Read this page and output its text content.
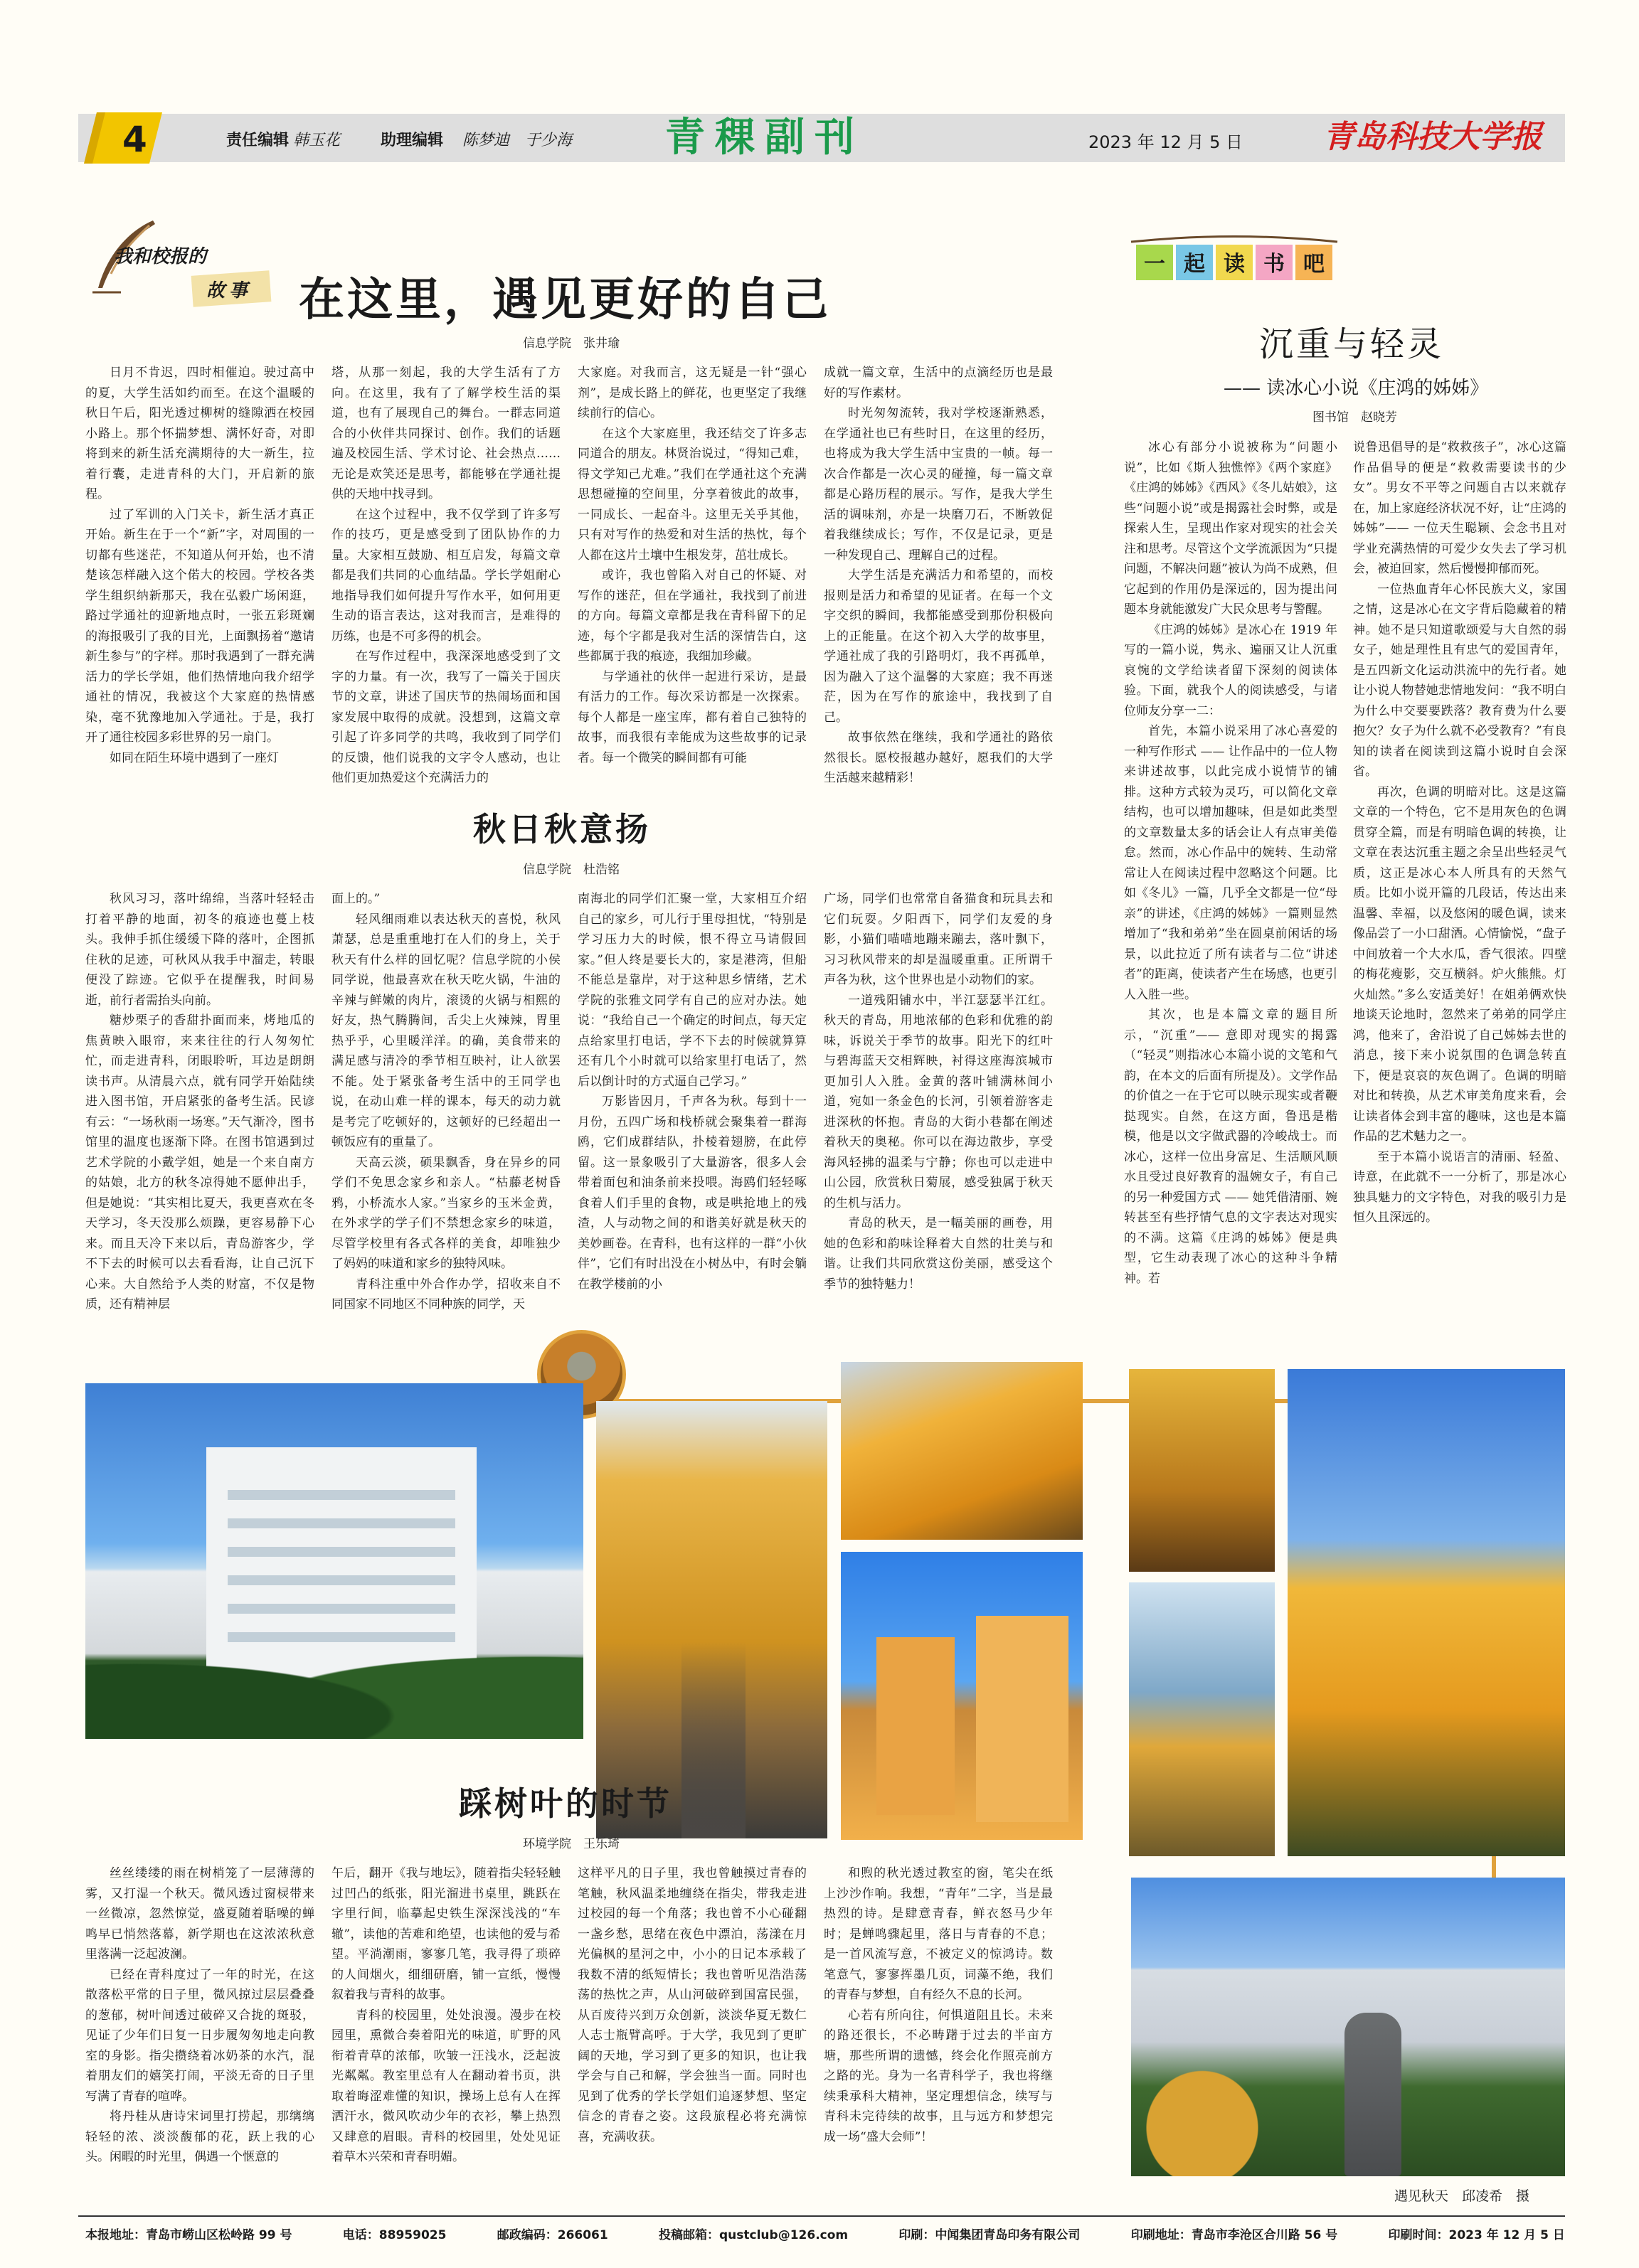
4	责任编辑 韩玉花	助理编辑 陈梦迪　于少海 青稞副刊	2023 年 12 月 5 日	青岛科技大学报
我和校报的
故事 在这里，遇见更好的自己
信息学院　张井瑜

日月不肯迟，四时相催迫。驶过高中的夏，大学生活如约而至。在这个温暖的秋日午后，阳光透过柳树的缝隙洒在校园小路上。那个怀揣梦想、满怀好奇，对即将到来的新生活充满期待的大一新生，拉着行囊，走进青科的大门，开启新的旅程。

过了军训的入门关卡，新生活才真正开始。新生在于一个“新”字，对周围的一切都有些迷茫，不知道从何开始，也不清楚该怎样融入这个偌大的校园。学校各类学生组织纳新那天，我在弘毅广场闲逛，路过学通社的迎新地点时，一张五彩斑斓的海报吸引了我的目光，上面飘扬着“邀请新生参与”的字样。那时我遇到了一群充满活力的学长学姐，他们热情地向我介绍学通社的情况，我被这个大家庭的热情感染，毫不犹豫地加入学通社。于是，我打开了通往校园多彩世界的另一扇门。

如同在陌生环境中遇到了一座灯

塔，从那一刻起，我的大学生活有了方向。在这里，我有了了解学校生活的渠道，也有了展现自己的舞台。一群志同道合的小伙伴共同探讨、创作。我们的话题遍及校园生活、学术讨论、社会热点……无论是欢笑还是思考，都能够在学通社提供的天地中找寻到。

在这个过程中，我不仅学到了许多写作的技巧，更是感受到了团队协作的力量。大家相互鼓励、相互启发，每篇文章都是我们共同的心血结晶。学长学姐耐心地指导我们如何提升写作水平，如何用更生动的语言表达，这对我而言，是难得的历练，也是不可多得的机会。

在写作过程中，我深深地感受到了文字的力量。有一次，我写了一篇关于国庆节的文章，讲述了国庆节的热闹场面和国家发展中取得的成就。没想到，这篇文章引起了许多同学的共鸣，我收到了同学们的反馈，他们说我的文字令人感动，也让他们更加热爱这个充满活力的

大家庭。对我而言，这无疑是一针“强心剂”，是成长路上的鲜花，也更坚定了我继续前行的信心。

在这个大家庭里，我还结交了许多志同道合的朋友。林贤治说过，“得知己难，得文学知己尤难。”我们在学通社这个充满思想碰撞的空间里，分享着彼此的故事，一同成长、一起奋斗。这里无关乎其他，只有对写作的热爱和对生活的热忱，每个人都在这片土壤中生根发芽，茁壮成长。

或许，我也曾陷入对自己的怀疑、对写作的迷茫，但在学通社，我找到了前进的方向。每篇文章都是我在青科留下的足迹，每个字都是我对生活的深情告白，这些都属于我的痕迹，我细加珍藏。

与学通社的伙伴一起进行采访，是最有活力的工作。每次采访都是一次探索。每个人都是一座宝库，都有着自己独特的故事，而我很有幸能成为这些故事的记录者。每一个微笑的瞬间都有可能

成就一篇文章，生活中的点滴经历也是最好的写作素材。

时光匆匆流转，我对学校逐渐熟悉，在学通社也已有些时日，在这里的经历，也将成为我大学生活中宝贵的一帧。每一次合作都是一次心灵的碰撞，每一篇文章都是心路历程的展示。写作，是我大学生活的调味剂，亦是一块磨刀石，不断敦促着我继续成长；写作，不仅是记录，更是一种发现自己、理解自己的过程。

大学生活是充满活力和希望的，而校报则是活力和希望的见证者。在每一个文字交织的瞬间，我都能感受到那份积极向上的正能量。在这个初入大学的故事里，学通社成了我的引路明灯，我不再孤单，因为融入了这个温馨的大家庭；我不再迷茫，因为在写作的旅途中，我找到了自己。

故事依然在继续，我和学通社的路依然很长。愿校报越办越好，愿我们的大学生活越来越精彩！

秋日秋意扬
信息学院　杜浩铭

秋风习习，落叶绵绵，当落叶轻轻击打着平静的地面，初冬的痕迹也蔓上枝头。我伸手抓住缓缓下降的落叶，企图抓住秋的足迹，可秋风从我手中溜走，转眼便没了踪迹。它似乎在提醒我，时间易逝，前行者需抬头向前。

糖炒栗子的香甜扑面而来，烤地瓜的焦黄映入眼帘，来来往往的行人匆匆忙忙，而走进青科，闭眼聆听，耳边是朗朗读书声。从清晨六点，就有同学开始陆续进入图书馆，开启紧张的备考生活。民谚有云：“一场秋雨一场寒。”天气渐冷，图书馆里的温度也逐渐下降。在图书馆遇到过艺术学院的小戴学姐，她是一个来自南方的姑娘，北方的秋冬凉得她不愿伸出手，但是她说：“其实相比夏天，我更喜欢在冬天学习，冬天没那么烦躁，更容易静下心来。而且天冷下来以后，青岛游客少，学不下去的时候可以去看看海，让自己沉下心来。大自然给予人类的财富，不仅是物质，还有精神层

面上的。”

轻风细雨难以表达秋天的喜悦，秋风萧瑟，总是重重地打在人们的身上，关于秋天有什么样的回忆呢？信息学院的小侯同学说，他最喜欢在秋天吃火锅，牛油的辛辣与鲜嫩的肉片，滚烫的火锅与相熙的好友，热气腾腾间，舌尖上火辣辣，胃里热乎乎，心里暖洋洋。的确，美食带来的满足感与清冷的季节相互映衬，让人欲罢不能。处于紧张备考生活中的王同学也说，在动山难一样的课本，每天的动力就是考完了吃顿好的，这顿好的已经超出一顿饭应有的重量了。

天高云淡，硕果飘香，身在异乡的同学们不免思念家乡和亲人。“枯藤老树昏鸦，小桥流水人家。”当家乡的玉米金黄，在外求学的学子们不禁想念家乡的味道，尽管学校里有各式各样的美食，却唯独少了妈妈的味道和家乡的独特风味。

青科注重中外合作办学，招收来自不同国家不同地区不同种族的同学，天

南海北的同学们汇聚一堂，大家相互介绍自己的家乡，可儿行于里母担忧，“特别是学习压力大的时候，恨不得立马请假回家。”但人终是要长大的，家是港湾，但船不能总是靠岸，对于这种思乡情绪，艺术学院的张雅文同学有自己的应对办法。她说：“我给自己一个确定的时间点，每天定点给家里打电话，学不下去的时候就算算还有几个小时就可以给家里打电话了，然后以倒计时的方式逼自己学习。”

万影皆因月，千声各为秋。每到十一月份，五四广场和栈桥就会聚集着一群海鸥，它们成群结队，扑棱着翅膀，在此停留。这一景象吸引了大量游客，很多人会带着面包和油条前来投喂。海鸥们轻轻啄食着人们手里的食物，或是哄抢地上的残渣，人与动物之间的和谐美好就是秋天的美妙画卷。在青科，也有这样的一群“小伙伴”，它们有时出没在小树丛中，有时会躺在教学楼前的小

广场，同学们也常常自备猫食和玩具去和它们玩耍。夕阳西下，同学们友爱的身影，小猫们喵喵地蹦来蹦去，落叶飘下，习习秋风带来的却是温暖重重。正所谓千声各为秋，这个世界也是小动物们的家。

一道残阳铺水中，半江瑟瑟半江红。秋天的青岛，用地浓郁的色彩和优雅的韵味，诉说关于季节的故事。阳光下的红叶与碧海蓝天交相辉映，衬得这座海滨城市更加引人入胜。金黄的落叶铺满林间小道，宛如一条金色的长河，引领着游客走进深秋的怀抱。青岛的大街小巷都在阐述着秋天的奥秘。你可以在海边散步，享受海风轻拂的温柔与宁静；你也可以走进中山公园，欣赏秋日菊展，感受独属于秋天的生机与活力。

青岛的秋天，是一幅美丽的画卷，用她的色彩和韵味诠释着大自然的壮美与和谐。让我们共同欣赏这份美丽，感受这个季节的独特魅力！

一 起 读 书 吧
沉重与轻灵
—— 读冰心小说《庄鸿的姊姊》
图书馆　赵晓芳

冰心有部分小说被称为“问题小说”，比如《斯人独憔悴》《两个家庭》《庄鸿的姊姊》《西风》《冬儿姑娘》，这些“问题小说”或是揭露社会时弊，或是探索人生，呈现出作家对现实的社会关注和思考。尽管这个文学流派因为“只提问题，不解决问题”被认为尚不成熟，但它起到的作用仍是深远的，因为提出问题本身就能激发广大民众思考与警醒。

《庄鸿的姊姊》是冰心在 1919 年写的一篇小说，隽永、遍丽又让人沉重哀惋的文学给读者留下深刻的阅读体验。下面，就我个人的阅读感受，与诸位师友分享一二：

首先，本篇小说采用了冰心喜爱的一种写作形式 —— 让作品中的一位人物来讲述故事，以此完成小说情节的铺排。这种方式较为灵巧，可以简化文章结构，也可以增加趣味，但是如此类型的文章数量太多的话会让人有点审美倦怠。然而，冰心作品中的婉转、生动常常让人在阅读过程中忽略这个问题。比如《冬儿》一篇，几乎全文都是一位“母亲”的讲述，《庄鸿的姊姊》一篇则显然增加了“我和弟弟”坐在圆桌前闲话的场景，以此拉近了所有读者与二位“讲述者”的距离，使读者产生在场感，也更引人入胜一些。

其次，也是本篇文章的题目所示，“沉重”—— 意即对现实的揭露（“轻灵”则指冰心本篇小说的文笔和气韵，在本文的后面有所提及）。文学作品的价值之一在于它可以映示现实或者鞭挞现实。自然，在这方面，鲁迅是楷模，他是以文字做武器的冷峻战士。而冰心，这样一位出身富足、生活顺风顺水且受过良好教育的温婉女子，有自己的另一种爱国方式 —— 她凭借清丽、婉转甚至有些抒情气息的文字表达对现实的不满。这篇《庄鸿的姊姊》便是典型，它生动表现了冰心的这种斗争精神。若

说鲁迅倡导的是“救救孩子”，冰心这篇作品倡导的便是“救救需要读书的少女”。男女不平等之问题自古以来就存在，加上家庭经济状况不好，让“庄鸿的姊姊”—— 一位天生聪颖、会念书且对学业充满热情的可爱少女失去了学习机会，被迫回家，然后慢慢抑郁而死。

一位热血青年心怀民族大义，家国之情，这是冰心在文字背后隐藏着的精神。她不是只知道歌颂爱与大自然的弱女子，她是理性且有忠气的爱国青年，是五四新文化运动洪流中的先行者。她让小说人物替她悲情地发问：“我不明白为什么中交要要跌落？教育费为什么要抱欠？女子为什么就不必受教育？”有良知的读者在阅读到这篇小说时自会深省。

再次，色调的明暗对比。这是这篇文章的一个特色，它不是用灰色的色调贯穿全篇，而是有明暗色调的转换，让文章在表达沉重主题之余呈出些轻灵气质，这正是冰心本人所具有的天然气质。比如小说开篇的几段话，传达出来温馨、幸福，以及悠闲的暖色调，读来像品尝了一小口甜酒。心情愉悦，“盘子中间放着一个大水瓜，香气很浓。四壁的梅花瘦影，交互横斜。炉火熊熊。灯火灿然。”多么安适美好！在姐弟俩欢快地谈天论地时，忽然来了弟弟的同学庄鸿，他来了，舍沿说了自己姊姊去世的消息，接下来小说氛围的色调急转直下，便是哀哀的灰色调了。色调的明暗对比和转换，从艺术审美角度来看，会让读者体会到丰富的趣味，这也是本篇作品的艺术魅力之一。

至于本篇小说语言的清丽、轻盈、诗意，在此就不一一分析了，那是冰心独具魅力的文字特色，对我的吸引力是恒久且深远的。

遇见秋天　邱凌希　摄
踩树叶的时节
环境学院　王乐琦

丝丝缕缕的雨在树梢笼了一层薄薄的雾，又打湿一个秋天。微风透过窗棂带来一丝微凉，忽然惊觉，盛夏随着聒噪的蝉鸣早已悄然落幕，新学期也在这浓浓秋意里落满一泛起波澜。

已经在青科度过了一年的时光，在这散落松平常的日子里，微风掠过层层叠叠的葱郁，树叶间透过破碎又合拢的斑驳，见证了少年们日复一日步履匆匆地走向教室的身影。指尖攒绕着冰奶茶的水汽，混着朋友们的嬉笑打闹，平淡无奇的日子里写满了青春的喧哗。

将丹桂从唐诗宋词里打捞起，那缡缡轻轻的浓、淡淡馥郁的花，跃上我的心头。闲暇的时光里，偶遇一个惬意的

午后，翻开《我与地坛》，随着指尖轻轻触过凹凸的纸张，阳光溜进书桌里，跳跃在字里行间，临摹起史铁生深深浅浅的“车辙”，读他的苦难和绝望，也读他的爱与希望。平淌潮雨，寥寥几笔，我寻得了琐碎的人间烟火，细细研磨，铺一宣纸，慢慢叙着我与青科的故事。

青科的校园里，处处浪漫。漫步在校园里，熏微合奏着阳光的味道，旷野的风衔着青草的浓郁，吹皱一汪浅水，泛起波光粼粼。教室里总有人在翻动着书页，洪取着晦涩难懂的知识，操场上总有人在挥洒汗水，微风吹动少年的衣衫，攀上热烈又肆意的眉眼。青科的校园里，处处见证着草木兴荣和青春明媚。

这样平凡的日子里，我也曾触摸过青春的笔触，秋风温柔地缠绕在指尖，带我走进过校园的每一个角落；我也曾不小心碰翻一盏乡愁，思绪在夜色中漂泊，荡漾在月光偏枫的星河之中，小小的日记本承载了我数不清的纸短情长；我也曾听见浩浩荡荡的热忱之声，从山河破碎到国富民强，从百废待兴到万众创新，淡淡华夏无数仁人志士瓶臂高呼。于大学，我见到了更旷阔的天地，学习到了更多的知识，也让我学会与自己和解，学会独当一面。同时也见到了优秀的学长学姐们追逐梦想、坚定信念的青春之姿。这段旅程必将充满惊喜，充满收获。

和煦的秋光透过教室的窗，笔尖在纸上沙沙作响。我想，“青年”二字，当是最热烈的诗。是肆意青春，鲜衣怒马少年时；是蝉鸣骤起里，落日与青春的不息；是一首风流写意，不被定义的惊鸿诗。数笔意气，寥寥挥墨几页，词藻不绝，我们的青春与梦想，自有经久不息的长河。

心若有所向往，何惧道阻且长。未来的路还很长，不必畴躇于过去的半亩方塘，那些所谓的遗憾，终会化作照亮前方之路的光。身为一名青科学子，我也将继续秉承科大精神，坚定理想信念，续写与青科未完待续的故事，且与远方和梦想完成一场“盛大会师”！

本报地址：青岛市崂山区松岭路 99 号	电话：88959025	邮政编码：266061	投稿邮箱：qustclub@126.com	印刷：中闻集团青岛印务有限公司	印刷地址：青岛市李沧区合川路 56 号	印刷时间：2023 年 12 月 5 日
